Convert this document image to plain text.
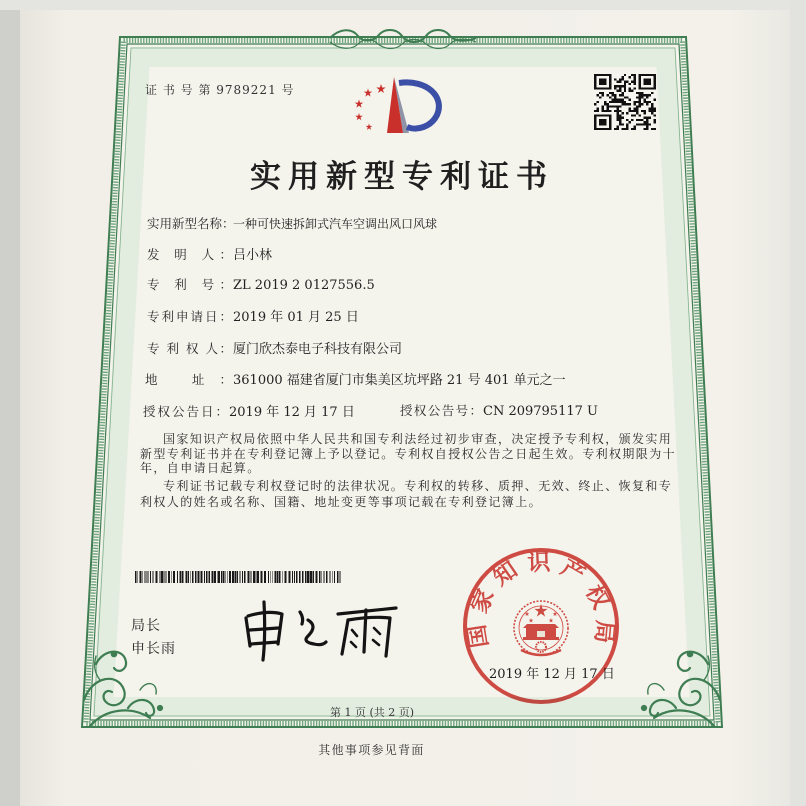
证 书 号 第 9789221 号
实用新型专利证书
实用新型名称：
一种可快速拆卸式汽车空调出风口风球
发 明 人： 吕小林
专 利 号： ZL 2019 2 0127556.5
专利申请日： 2019 年 01 月 25 日
专 利 权 人： 厦门欣杰泰电子科技有限公司
地 址： 361000 福建省厦门市集美区坑坪路 21 号 401 单元之一
授权公告日： 2019 年 12 月 17 日	授权公告号： CN 209795117 U
国家知识产权局依照中华人民共和国专利法经过初步审查，决定授予专利权，颁发实用
新型专利证书并在专利登记簿上予以登记。专利权自授权公告之日起生效。专利权期限为十
年，自申请日起算。
专利证书记载专利权登记时的法律状况。专利权的转移、质押、无效、终止、恢复和专
利权人的姓名或名称、国籍、地址变更等事项记载在专利登记簿上。
局长
申长雨
2019 年 12 月 17 日
国家知识产权局
第 1 页 (共 2 页)
其他事项参见背面
